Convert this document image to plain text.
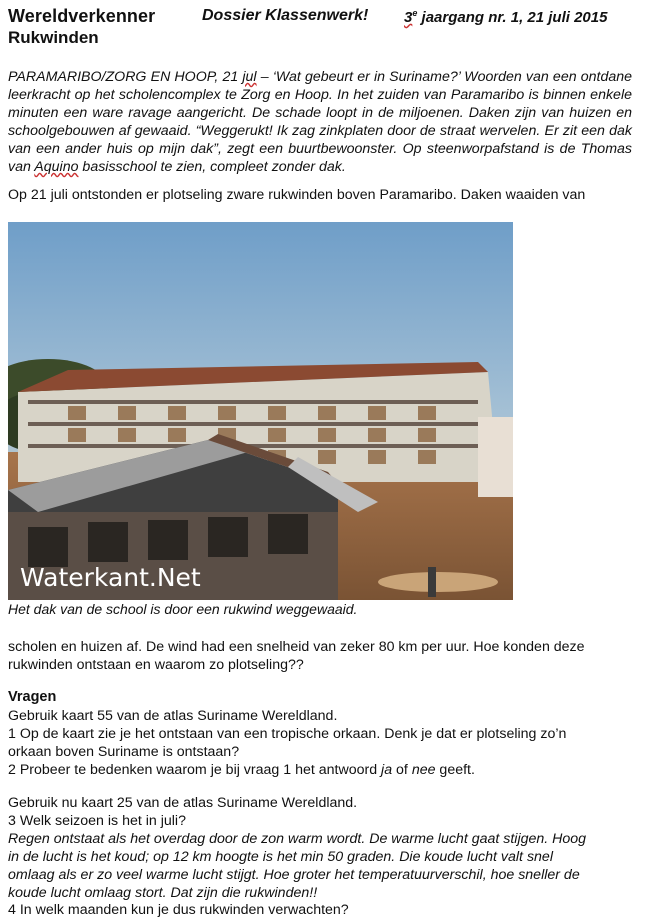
Wereldverkenner	Dossier Klassenwerk! 3e jaargang nr. 1, 21 juli 2015
Rukwinden
PARAMARIBO/ZORG EN HOOP, 21 jul – ‘Wat gebeurt er in Suriname?’ Woorden van een ontdane leerkracht op het scholencomplex te Zorg en Hoop. In het zuiden van Paramaribo is binnen enkele minuten een ware ravage aangericht. De schade loopt in de miljoenen. Daken zijn van huizen en schoolgebouwen af gewaaid. “Weggerukt! Ik zag zinkplaten door de straat wervelen. Er zit een dak van een ander huis op mijn dak”, zegt een buurtbewoonster. Op steenworpafstand is de Thomas van Aquino basisschool te zien, compleet zonder dak.
Op 21 juli ontstonden er plotseling zware rukwinden boven Paramaribo. Daken waaiden van
Waterkant.Net
Het dak van de school is door een rukwind weggewaaid.
scholen en huizen af. De wind had een snelheid van zeker 80 km per uur. Hoe konden deze rukwinden ontstaan en waarom zo plotseling??
Vragen
Gebruik kaart 55 van de atlas Suriname Wereldland.
1 Op de kaart zie je het ontstaan van een tropische orkaan. Denk je dat er plotseling zo’n
orkaan boven Suriname is ontstaan?
2 Probeer te bedenken waarom je bij vraag 1 het antwoord ja of nee geeft.
Gebruik nu kaart 25 van de atlas Suriname Wereldland.
3 Welk seizoen is het in juli?
Regen ontstaat als het overdag door de zon warm wordt. De warme lucht gaat stijgen. Hoog
in de lucht is het koud; op 12 km hoogte is het min 50 graden. Die koude lucht valt snel
omlaag als er zo veel warme lucht stijgt. Hoe groter het temperatuurverschil, hoe sneller de
koude lucht omlaag stort. Dat zijn die rukwinden!!
4 In welk maanden kun je dus rukwinden verwachten?
